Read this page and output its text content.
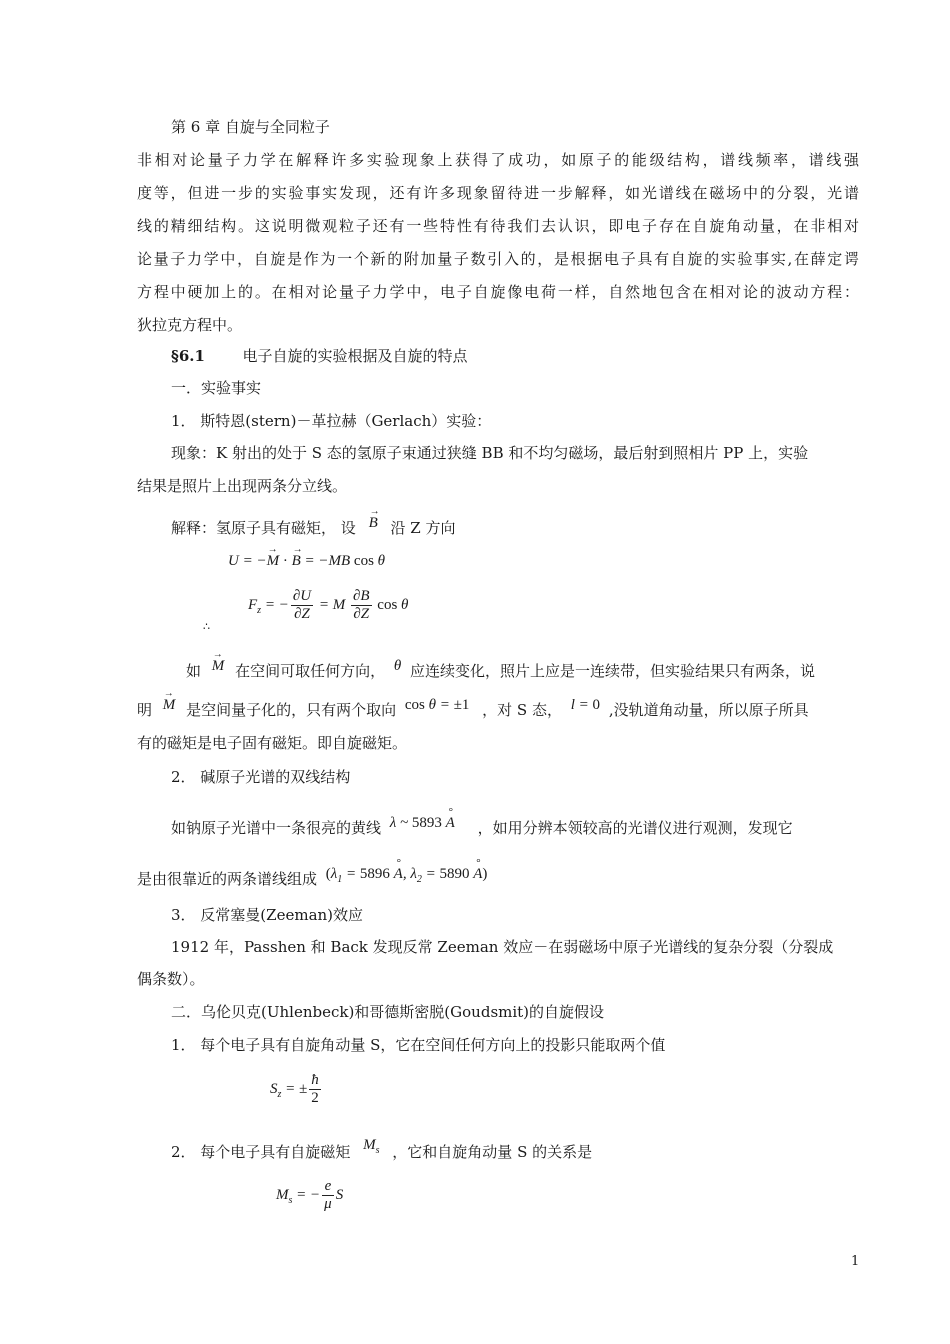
第 6 章 自旋与全同粒子
非相对论量子力学在解释许多实验现象上获得了成功，如原子的能级结构，谱线频率，谱线强
度等，但进一步的实验事实发现，还有许多现象留待进一步解释，如光谱线在磁场中的分裂，光谱
线的精细结构。这说明微观粒子还有一些特性有待我们去认识，即电子存在自旋角动量，在非相对
论量子力学中，自旋是作为一个新的附加量子数引入的，是根据电子具有自旋的实验事实,在薛定谔
方程中硬加上的。在相对论量子力学中，电子自旋像电荷一样，自然地包含在相对论的波动方程：
狄拉克方程中。
§6.1	电子自旋的实验根据及自旋的特点
一．实验事实
1． 斯特恩(stern)－革拉赫（Gerlach）实验：
现象：K 射出的处于 S 态的氢原子束通过狭缝 BB 和不均匀磁场，最后射到照相片 PP 上，实验
结果是照片上出现两条分立线。
解释：氢原子具有磁矩， 设 → B 沿 Z 方向
U = −→ M · → B = −MB cos θ
$F_z$ = − $\frac{\partial U}{\partial Z} = M \frac{\partial B}{\partial Z}$ cos θ
∴
如 → M 在空间可取任何方向， θ 应连续变化，照片上应是一连续带，但实验结果只有两条，说
明 → M 是空间量子化的，只有两个取向 cos θ = ±1 ，对 S 态， l = 0 ,没轨道角动量，所以原子所具
有的磁矩是电子固有磁矩。即自旋磁矩。
2． 碱原子光谱的双线结构
如钠原子光谱中一条很亮的黄线 λ ~ 5893 ° A ，如用分辨本领较高的光谱仪进行观测，发现它
是由很靠近的两条谱线组成 ($\lambda_1 = 5896$ ° A, $\lambda_2 = 5890$ ° A)
3． 反常塞曼(Zeeman)效应
1912 年，Passhen 和 Back 发现反常 Zeeman 效应－在弱磁场中原子光谱线的复杂分裂（分裂成
偶条数）。
二．乌伦贝克(Uhlenbeck)和哥德斯密脱(Goudsmit)的自旋假设
1． 每个电子具有自旋角动量 S，它在空间任何方向上的投影只能取两个值
$S_z$ = ± $\frac{ħ}{2}$
2． 每个电子具有自旋磁矩 $M_s$ ，它和自旋角动量 S 的关系是
$M_s$ = − $\frac{e}{\mu}$ S
1
